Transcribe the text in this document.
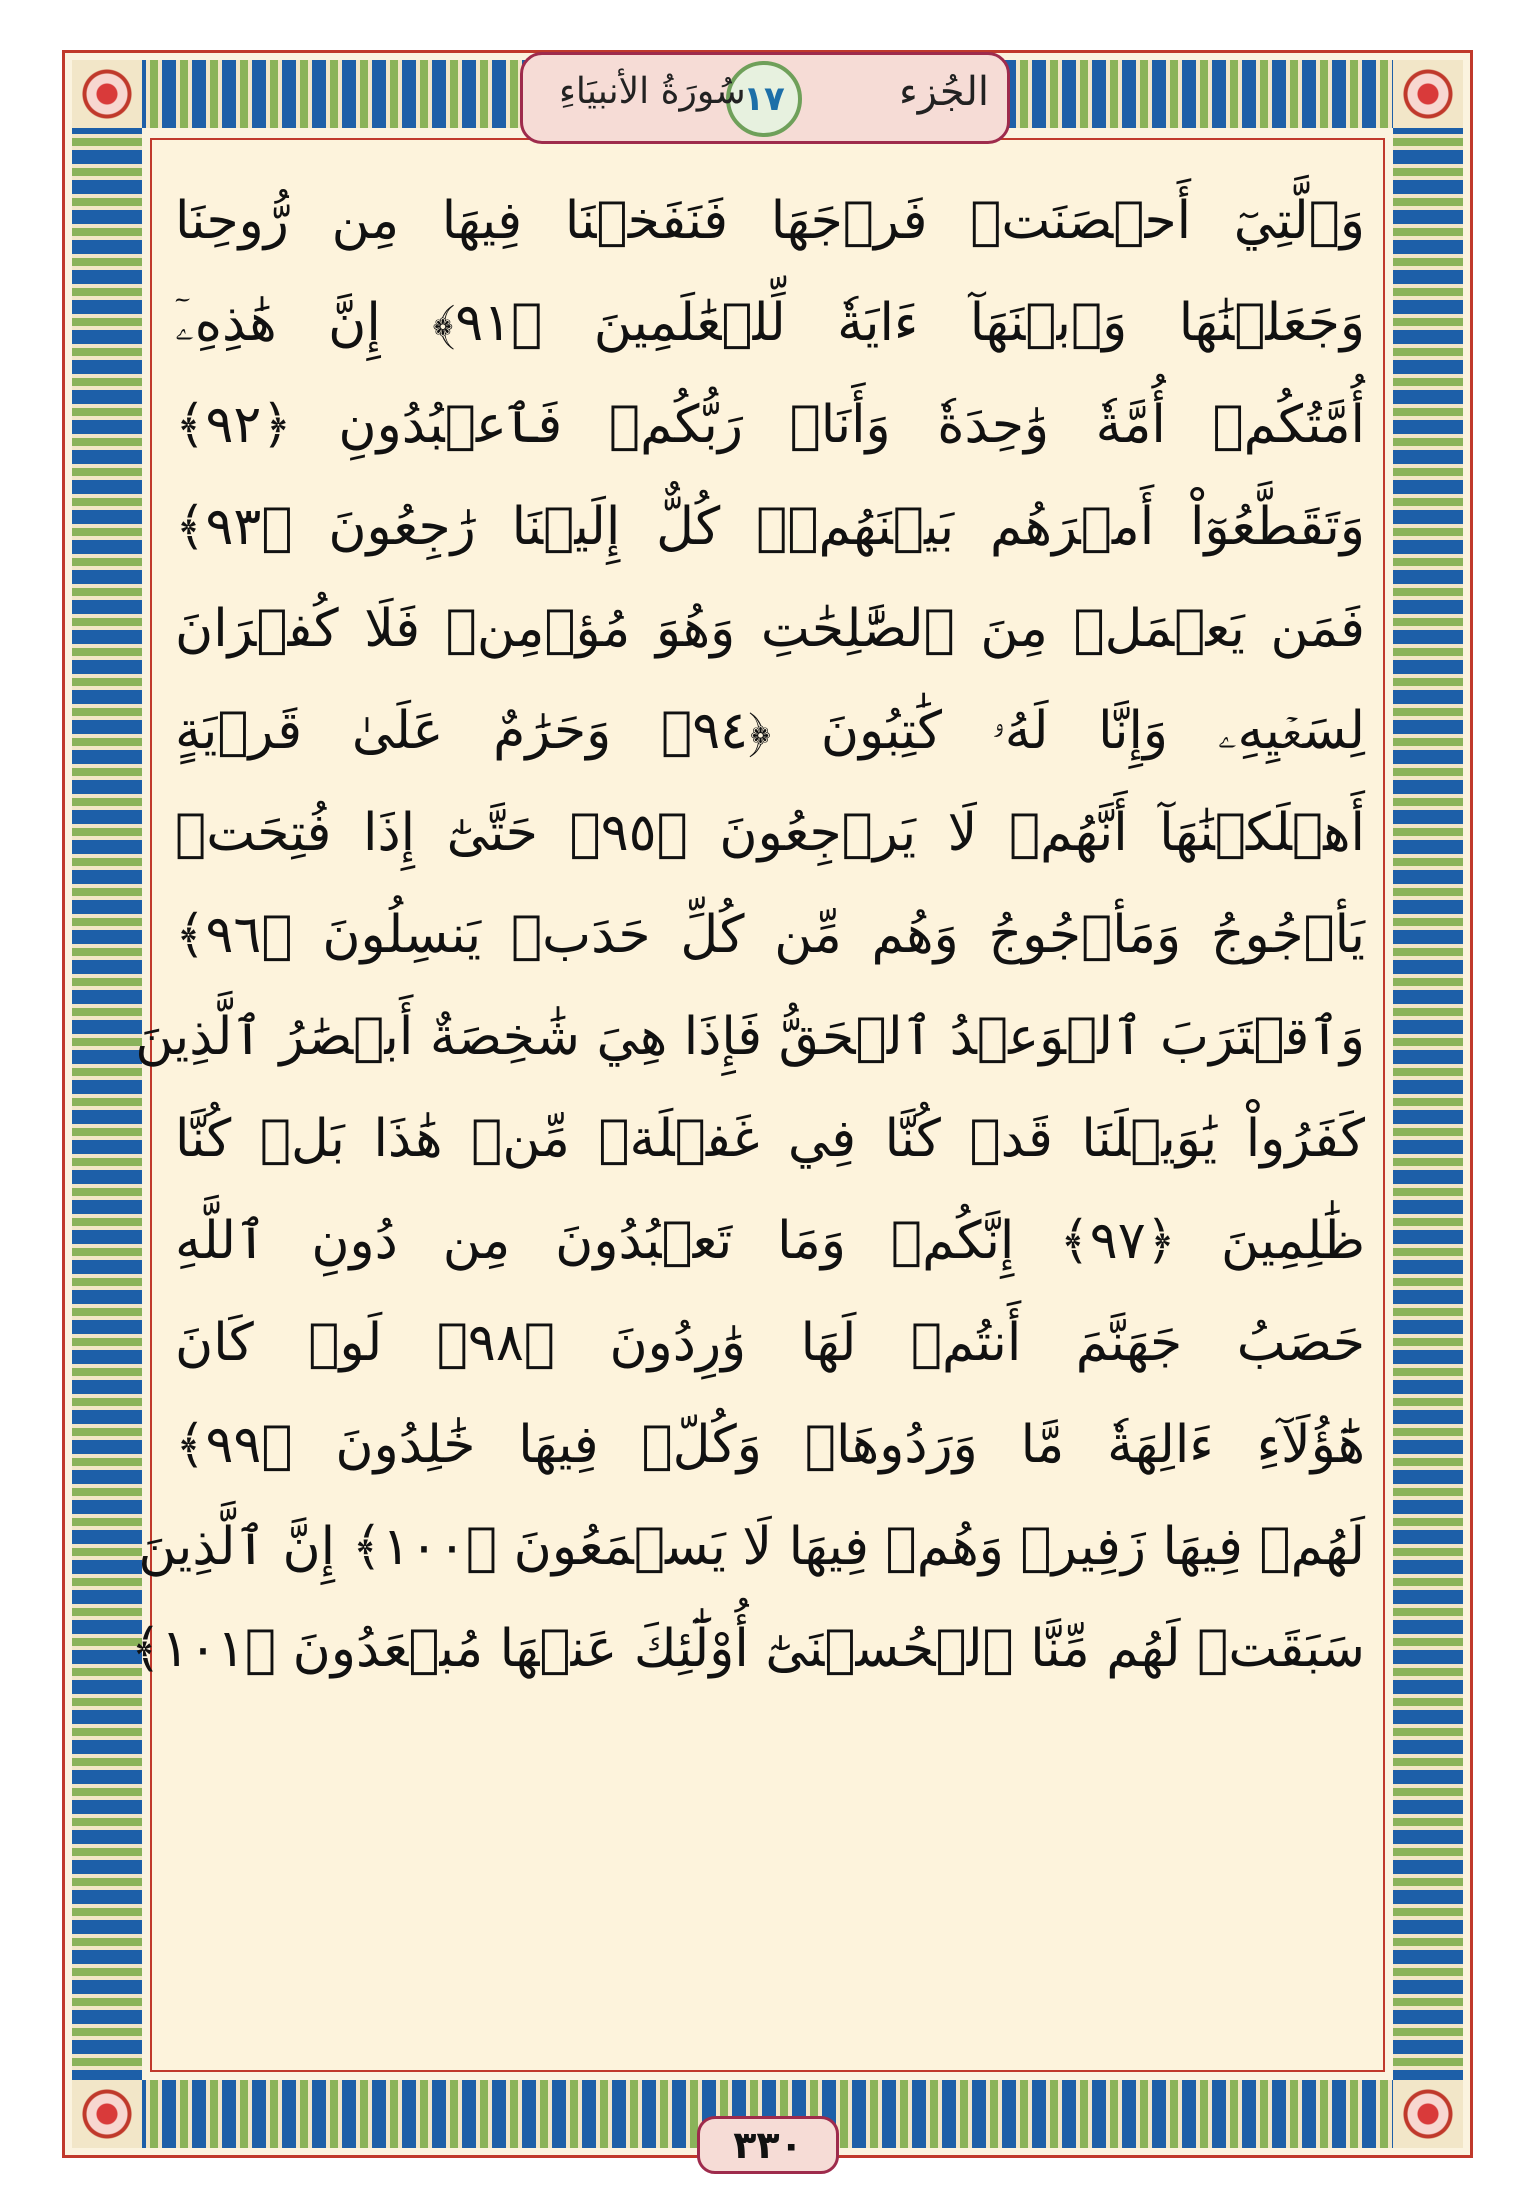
الجُزء
١٧
سُورَةُ الأنبيَاءِ
وَٱلَّتِيٓ أَحۡصَنَتۡ فَرۡجَهَا فَنَفَخۡنَا فِيهَا مِن رُّوحِنَا
وَجَعَلۡنَٰهَا وَٱبۡنَهَآ ءَايَةٗ لِّلۡعَٰلَمِينَ ﴿٩١﴾ إِنَّ هَٰذِهِۦٓ
أُمَّتُكُمۡ أُمَّةٗ وَٰحِدَةٗ وَأَنَا۠ رَبُّكُمۡ فَٱعۡبُدُونِ ﴿٩٢﴾
وَتَقَطَّعُوٓاْ أَمۡرَهُم بَيۡنَهُمۡۖ كُلٌّ إِلَيۡنَا رَٰجِعُونَ ﴿٩٣﴾
فَمَن يَعۡمَلۡ مِنَ ٱلصَّٰلِحَٰتِ وَهُوَ مُؤۡمِنٞ فَلَا كُفۡرَانَ
لِسَعۡيِهِۦ وَإِنَّا لَهُۥ كَٰتِبُونَ ﴿٩٤﴾ وَحَرَٰمٌ عَلَىٰ قَرۡيَةٍ
أَهۡلَكۡنَٰهَآ أَنَّهُمۡ لَا يَرۡجِعُونَ ﴿٩٥﴾ حَتَّىٰٓ إِذَا فُتِحَتۡ
يَأۡجُوجُ وَمَأۡجُوجُ وَهُم مِّن كُلِّ حَدَبٖ يَنسِلُونَ ﴿٩٦﴾
وَٱقۡتَرَبَ ٱلۡوَعۡدُ ٱلۡحَقُّ فَإِذَا هِيَ شَٰخِصَةٌ أَبۡصَٰرُ ٱلَّذِينَ
كَفَرُواْ يَٰوَيۡلَنَا قَدۡ كُنَّا فِي غَفۡلَةٖ مِّنۡ هَٰذَا بَلۡ كُنَّا
ظَٰلِمِينَ ﴿٩٧﴾ إِنَّكُمۡ وَمَا تَعۡبُدُونَ مِن دُونِ ٱللَّهِ
حَصَبُ جَهَنَّمَ أَنتُمۡ لَهَا وَٰرِدُونَ ﴿٩٨﴾ لَوۡ كَانَ
هَٰٓؤُلَآءِ ءَالِهَةٗ مَّا وَرَدُوهَاۖ وَكُلّٞ فِيهَا خَٰلِدُونَ ﴿٩٩﴾
لَهُمۡ فِيهَا زَفِيرٞ وَهُمۡ فِيهَا لَا يَسۡمَعُونَ ﴿١٠٠﴾ إِنَّ ٱلَّذِينَ
سَبَقَتۡ لَهُم مِّنَّا ٱلۡحُسۡنَىٰٓ أُوْلَٰٓئِكَ عَنۡهَا مُبۡعَدُونَ ﴿١٠١﴾
٣٣٠
